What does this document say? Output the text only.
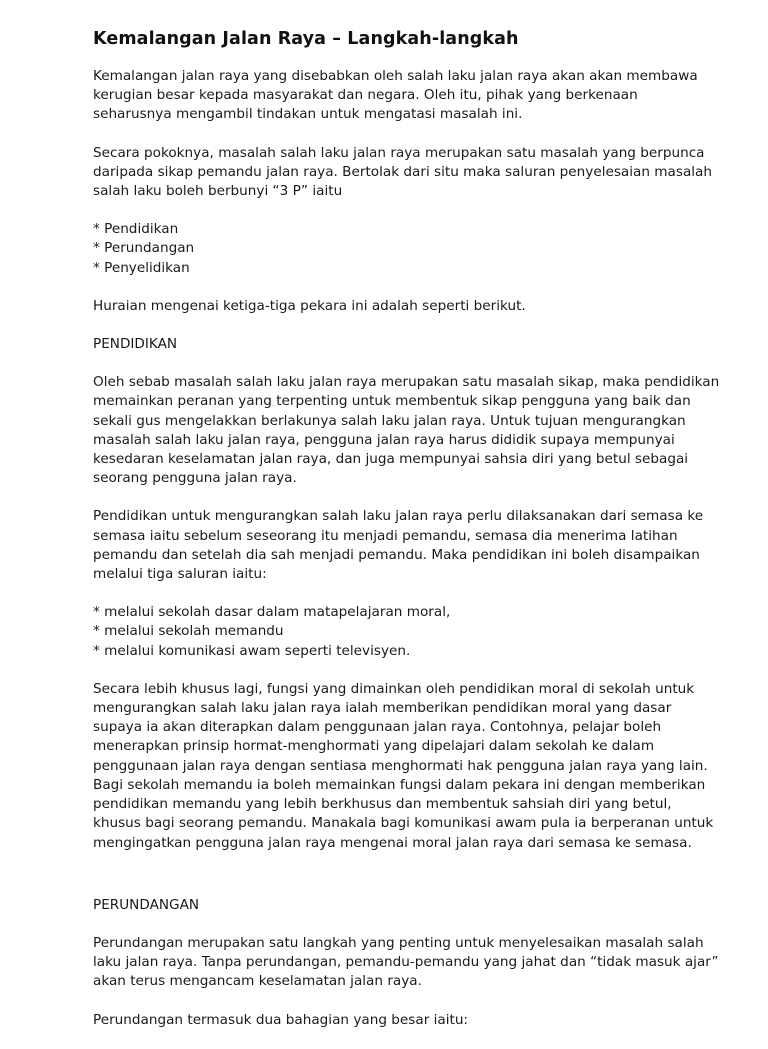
Kemalangan Jalan Raya – Langkah-langkah
Kemalangan jalan raya yang disebabkan oleh salah laku jalan raya akan akan membawa
kerugian besar kepada masyarakat dan negara. Oleh itu, pihak yang berkenaan
seharusnya mengambil tindakan untuk mengatasi masalah ini.
Secara pokoknya, masalah salah laku jalan raya merupakan satu masalah yang berpunca
daripada sikap pemandu jalan raya. Bertolak dari situ maka saluran penyelesaian masalah
salah laku boleh berbunyi “3 P” iaitu
* Pendidikan
* Perundangan
* Penyelidikan
Huraian mengenai ketiga-tiga pekara ini adalah seperti berikut.
PENDIDIKAN
Oleh sebab masalah salah laku jalan raya merupakan satu masalah sikap, maka pendidikan
memainkan peranan yang terpenting untuk membentuk sikap pengguna yang baik dan
sekali gus mengelakkan berlakunya salah laku jalan raya. Untuk tujuan mengurangkan
masalah salah laku jalan raya, pengguna jalan raya harus dididik supaya mempunyai
kesedaran keselamatan jalan raya, dan juga mempunyai sahsia diri yang betul sebagai
seorang pengguna jalan raya.
Pendidikan untuk mengurangkan salah laku jalan raya perlu dilaksanakan dari semasa ke
semasa iaitu sebelum seseorang itu menjadi pemandu, semasa dia menerima latihan
pemandu dan setelah dia sah menjadi pemandu. Maka pendidikan ini boleh disampaikan
melalui tiga saluran iaitu:
* melalui sekolah dasar dalam matapelajaran moral,
* melalui sekolah memandu
* melalui komunikasi awam seperti televisyen.
Secara lebih khusus lagi, fungsi yang dimainkan oleh pendidikan moral di sekolah untuk
mengurangkan salah laku jalan raya ialah memberikan pendidikan moral yang dasar
supaya ia akan diterapkan dalam penggunaan jalan raya. Contohnya, pelajar boleh
menerapkan prinsip hormat-menghormati yang dipelajari dalam sekolah ke dalam
penggunaan jalan raya dengan sentiasa menghormati hak pengguna jalan raya yang lain.
Bagi sekolah memandu ia boleh memainkan fungsi dalam pekara ini dengan memberikan
pendidikan memandu yang lebih berkhusus dan membentuk sahsiah diri yang betul,
khusus bagi seorang pemandu. Manakala bagi komunikasi awam pula ia berperanan untuk
mengingatkan pengguna jalan raya mengenai moral jalan raya dari semasa ke semasa.
PERUNDANGAN
Perundangan merupakan satu langkah yang penting untuk menyelesaikan masalah salah
laku jalan raya. Tanpa perundangan, pemandu-pemandu yang jahat dan “tidak masuk ajar”
akan terus mengancam keselamatan jalan raya.
Perundangan termasuk dua bahagian yang besar iaitu:
